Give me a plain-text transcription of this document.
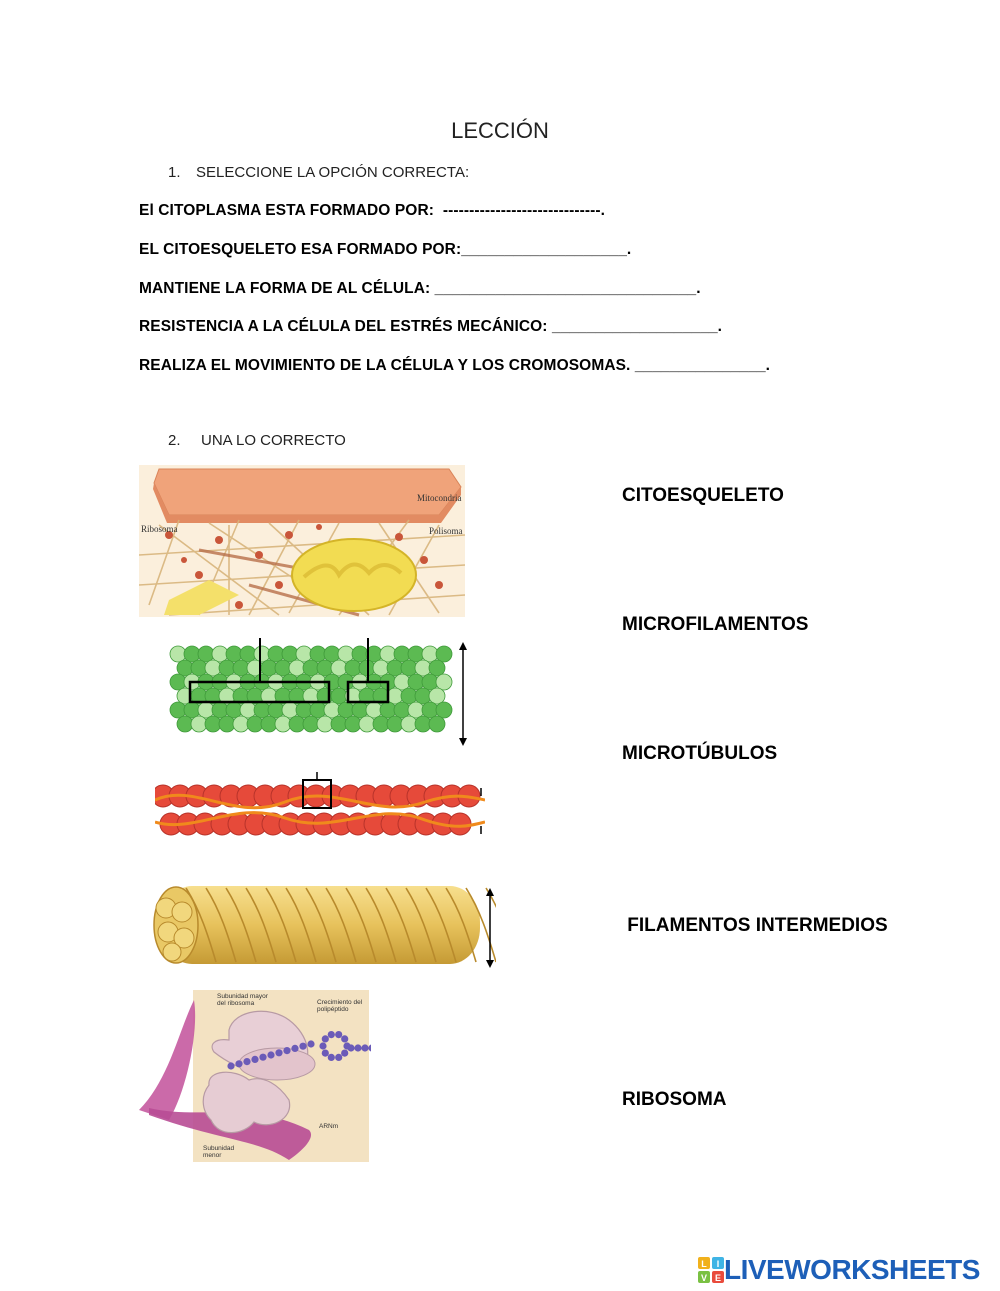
LECCIÓN
1. SELECCIONE LA OPCIÓN CORRECTA:
El CITOPLASMA ESTA FORMADO POR:  ------------------------------.
EL CITOESQUELETO ESA FORMADO POR:___________________.
MANTIENE LA FORMA DE AL CÉLULA: ______________________________.
RESISTENCIA A LA CÉLULA DEL ESTRÉS MECÁNICO: ___________________.
REALIZA EL MOVIMIENTO DE LA CÉLULA Y LOS CROMOSOMAS. _______________.
2. UNA LO CORRECTO
CITOESQUELETO
MICROFILAMENTOS
MICROTÚBULOS
FILAMENTOS INTERMEDIOS
RIBOSOMA
Mitocondria
Ribosoma	Polisoma
Subunidad mayor
del ribosoma	Crecimiento del
polipéptido
ARNm
Subunidad
menor
L I
V E LIVEWORKSHEETS
